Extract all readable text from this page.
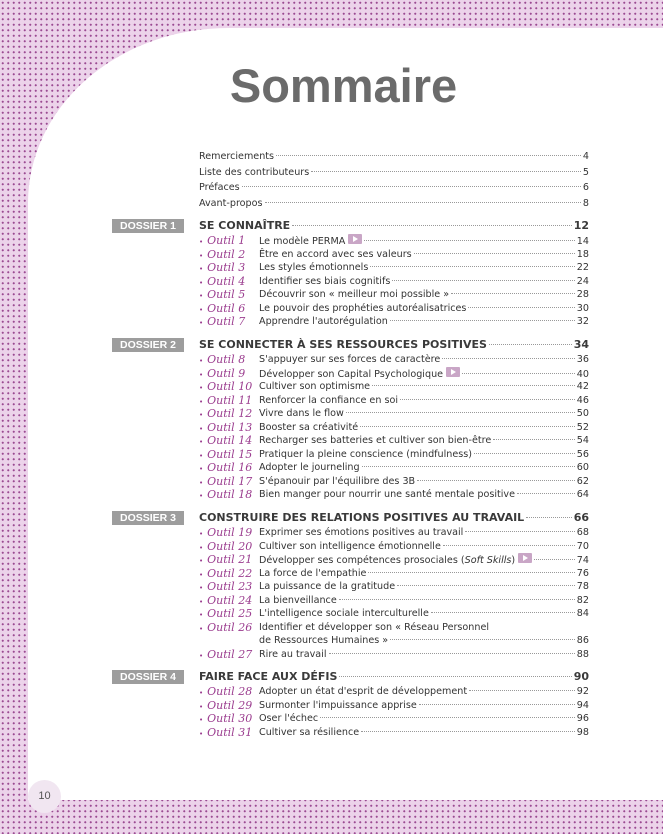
Sommaire
Remerciements	4
Liste des contributeurs	5
Préfaces	6
Avant-propos	8
DOSSIER 1	SE CONNAÎTRE	12
• Outil 1 Le modèle PERMA	14
• Outil 2 Être en accord avec ses valeurs	18
• Outil 3 Les styles émotionnels	22
• Outil 4 Identifier ses biais cognitifs	24
• Outil 5 Découvrir son « meilleur moi possible »	28
• Outil 6 Le pouvoir des prophéties autoréalisatrices	30
• Outil 7 Apprendre l'autorégulation	32
DOSSIER 2	SE CONNECTER À SES RESSOURCES POSITIVES	34
• Outil 8 S'appuyer sur ses forces de caractère	36
• Outil 9 Développer son Capital Psychologique	40
• Outil 10 Cultiver son optimisme	42
• Outil 11 Renforcer la confiance en soi	46
• Outil 12 Vivre dans le flow	50
• Outil 13 Booster sa créativité	52
• Outil 14 Recharger ses batteries et cultiver son bien-être	54
• Outil 15 Pratiquer la pleine conscience (mindfulness)	56
• Outil 16 Adopter le journeling	60
• Outil 17 S'épanouir par l'équilibre des 3B	62
• Outil 18 Bien manger pour nourrir une santé mentale positive	64
DOSSIER 3	CONSTRUIRE DES RELATIONS POSITIVES AU TRAVAIL	66
• Outil 19 Exprimer ses émotions positives au travail	68
• Outil 20 Cultiver son intelligence émotionnelle	70
• Outil 21 Développer ses compétences prosociales ( Soft Skills )	74
• Outil 22 La force de l'empathie	76
• Outil 23 La puissance de la gratitude	78
• Outil 24 La bienveillance	82
• Outil 25 L'intelligence sociale interculturelle	84
• Outil 26 Identifier et développer son « Réseau Personnel
de Ressources Humaines »	86
• Outil 27 Rire au travail	88
DOSSIER 4	FAIRE FACE AUX DÉFIS	90
• Outil 28 Adopter un état d'esprit de développement	92
• Outil 29 Surmonter l'impuissance apprise	94
• Outil 30 Oser l'échec	96
• Outil 31 Cultiver sa résilience	98
10
